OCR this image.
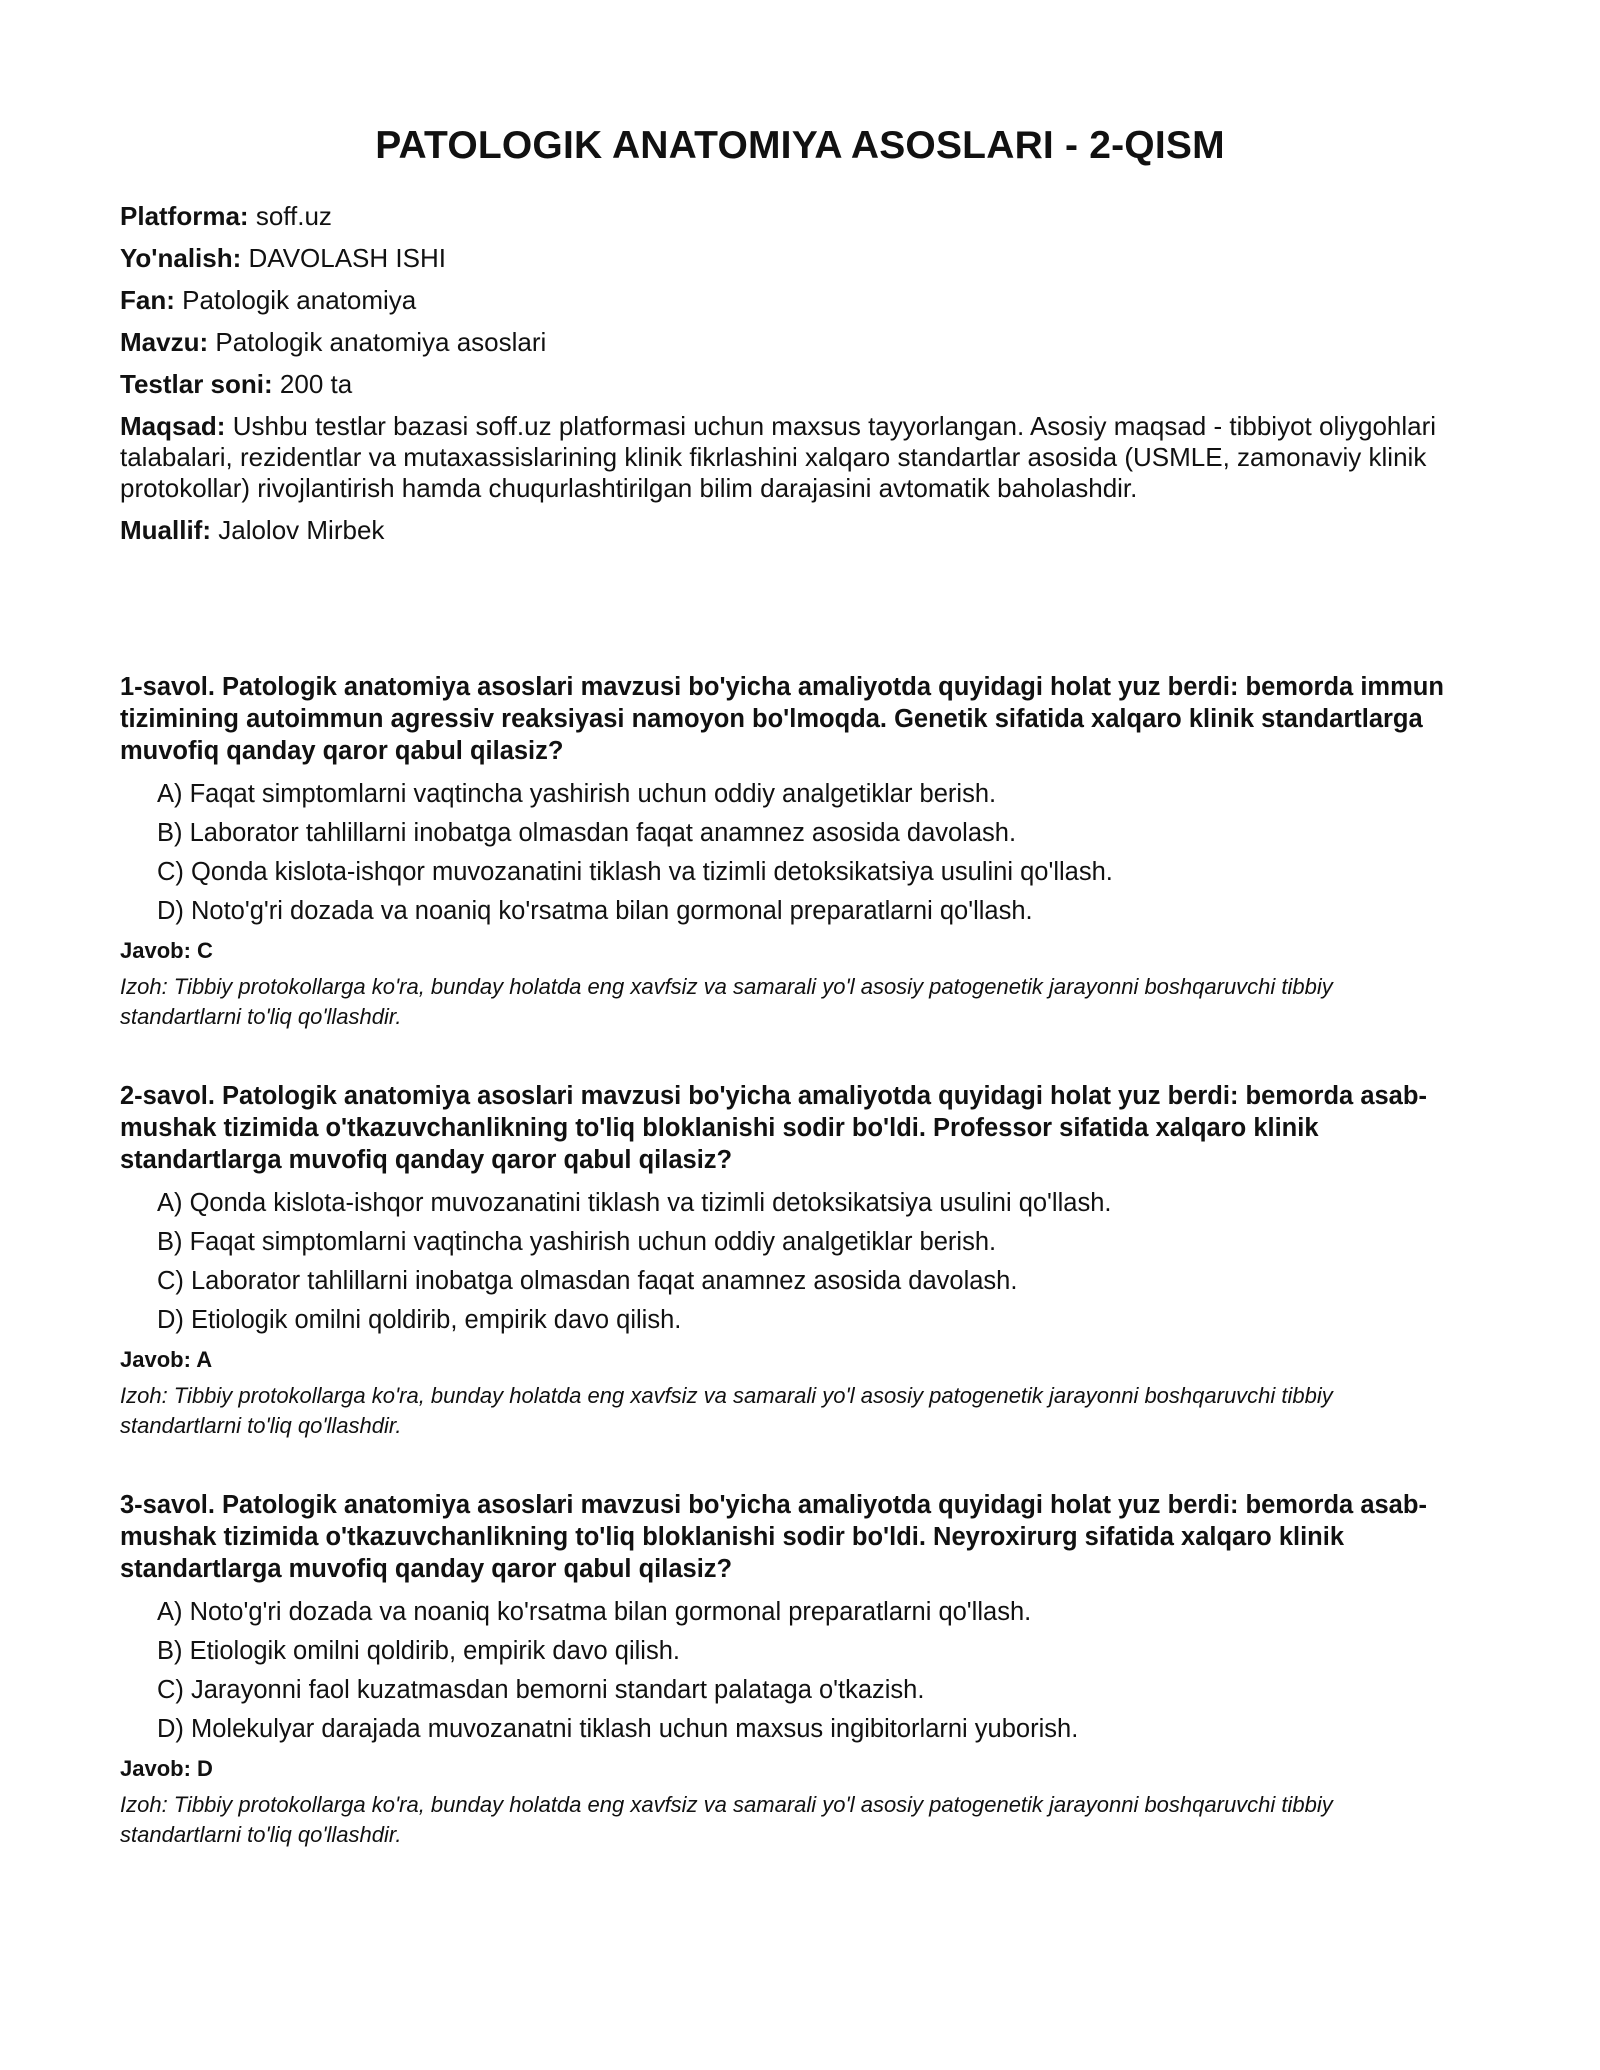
PATOLOGIK ANATOMIYA ASOSLARI - 2-QISM

Platforma: soff.uz

Yo'nalish: DAVOLASH ISHI

Fan: Patologik anatomiya

Mavzu: Patologik anatomiya asoslari

Testlar soni: 200 ta

Maqsad: Ushbu testlar bazasi soff.uz platformasi uchun maxsus tayyorlangan. Asosiy maqsad - tibbiyot oliygohlari talabalari, rezidentlar va mutaxassislarining klinik fikrlashini xalqaro standartlar asosida (USMLE, zamonaviy klinik protokollar) rivojlantirish hamda chuqurlashtirilgan bilim darajasini avtomatik baholashdir.

Muallif: Jalolov Mirbek

1-savol. Patologik anatomiya asoslari mavzusi bo'yicha amaliyotda quyidagi holat yuz berdi: bemorda immun tizimining autoimmun agressiv reaksiyasi namoyon bo'lmoqda. Genetik sifatida xalqaro klinik standartlarga muvofiq qanday qaror qabul qilasiz?

A) Faqat simptomlarni vaqtincha yashirish uchun oddiy analgetiklar berish.
B) Laborator tahlillarni inobatga olmasdan faqat anamnez asosida davolash.
C) Qonda kislota-ishqor muvozanatini tiklash va tizimli detoksikatsiya usulini qo'llash.
D) Noto'g'ri dozada va noaniq ko'rsatma bilan gormonal preparatlarni qo'llash.

Javob: C

Izoh: Tibbiy protokollarga ko'ra, bunday holatda eng xavfsiz va samarali yo'l asosiy patogenetik jarayonni boshqaruvchi tibbiy standartlarni to'liq qo'llashdir.

2-savol. Patologik anatomiya asoslari mavzusi bo'yicha amaliyotda quyidagi holat yuz berdi: bemorda asab-mushak tizimida o'tkazuvchanlikning to'liq bloklanishi sodir bo'ldi. Professor sifatida xalqaro klinik standartlarga muvofiq qanday qaror qabul qilasiz?

A) Qonda kislota-ishqor muvozanatini tiklash va tizimli detoksikatsiya usulini qo'llash.
B) Faqat simptomlarni vaqtincha yashirish uchun oddiy analgetiklar berish.
C) Laborator tahlillarni inobatga olmasdan faqat anamnez asosida davolash.
D) Etiologik omilni qoldirib, empirik davo qilish.

Javob: A

Izoh: Tibbiy protokollarga ko'ra, bunday holatda eng xavfsiz va samarali yo'l asosiy patogenetik jarayonni boshqaruvchi tibbiy standartlarni to'liq qo'llashdir.

3-savol. Patologik anatomiya asoslari mavzusi bo'yicha amaliyotda quyidagi holat yuz berdi: bemorda asab-mushak tizimida o'tkazuvchanlikning to'liq bloklanishi sodir bo'ldi. Neyroxirurg sifatida xalqaro klinik standartlarga muvofiq qanday qaror qabul qilasiz?

A) Noto'g'ri dozada va noaniq ko'rsatma bilan gormonal preparatlarni qo'llash.
B) Etiologik omilni qoldirib, empirik davo qilish.
C) Jarayonni faol kuzatmasdan bemorni standart palataga o'tkazish.
D) Molekulyar darajada muvozanatni tiklash uchun maxsus ingibitorlarni yuborish.

Javob: D

Izoh: Tibbiy protokollarga ko'ra, bunday holatda eng xavfsiz va samarali yo'l asosiy patogenetik jarayonni boshqaruvchi tibbiy standartlarni to'liq qo'llashdir.
